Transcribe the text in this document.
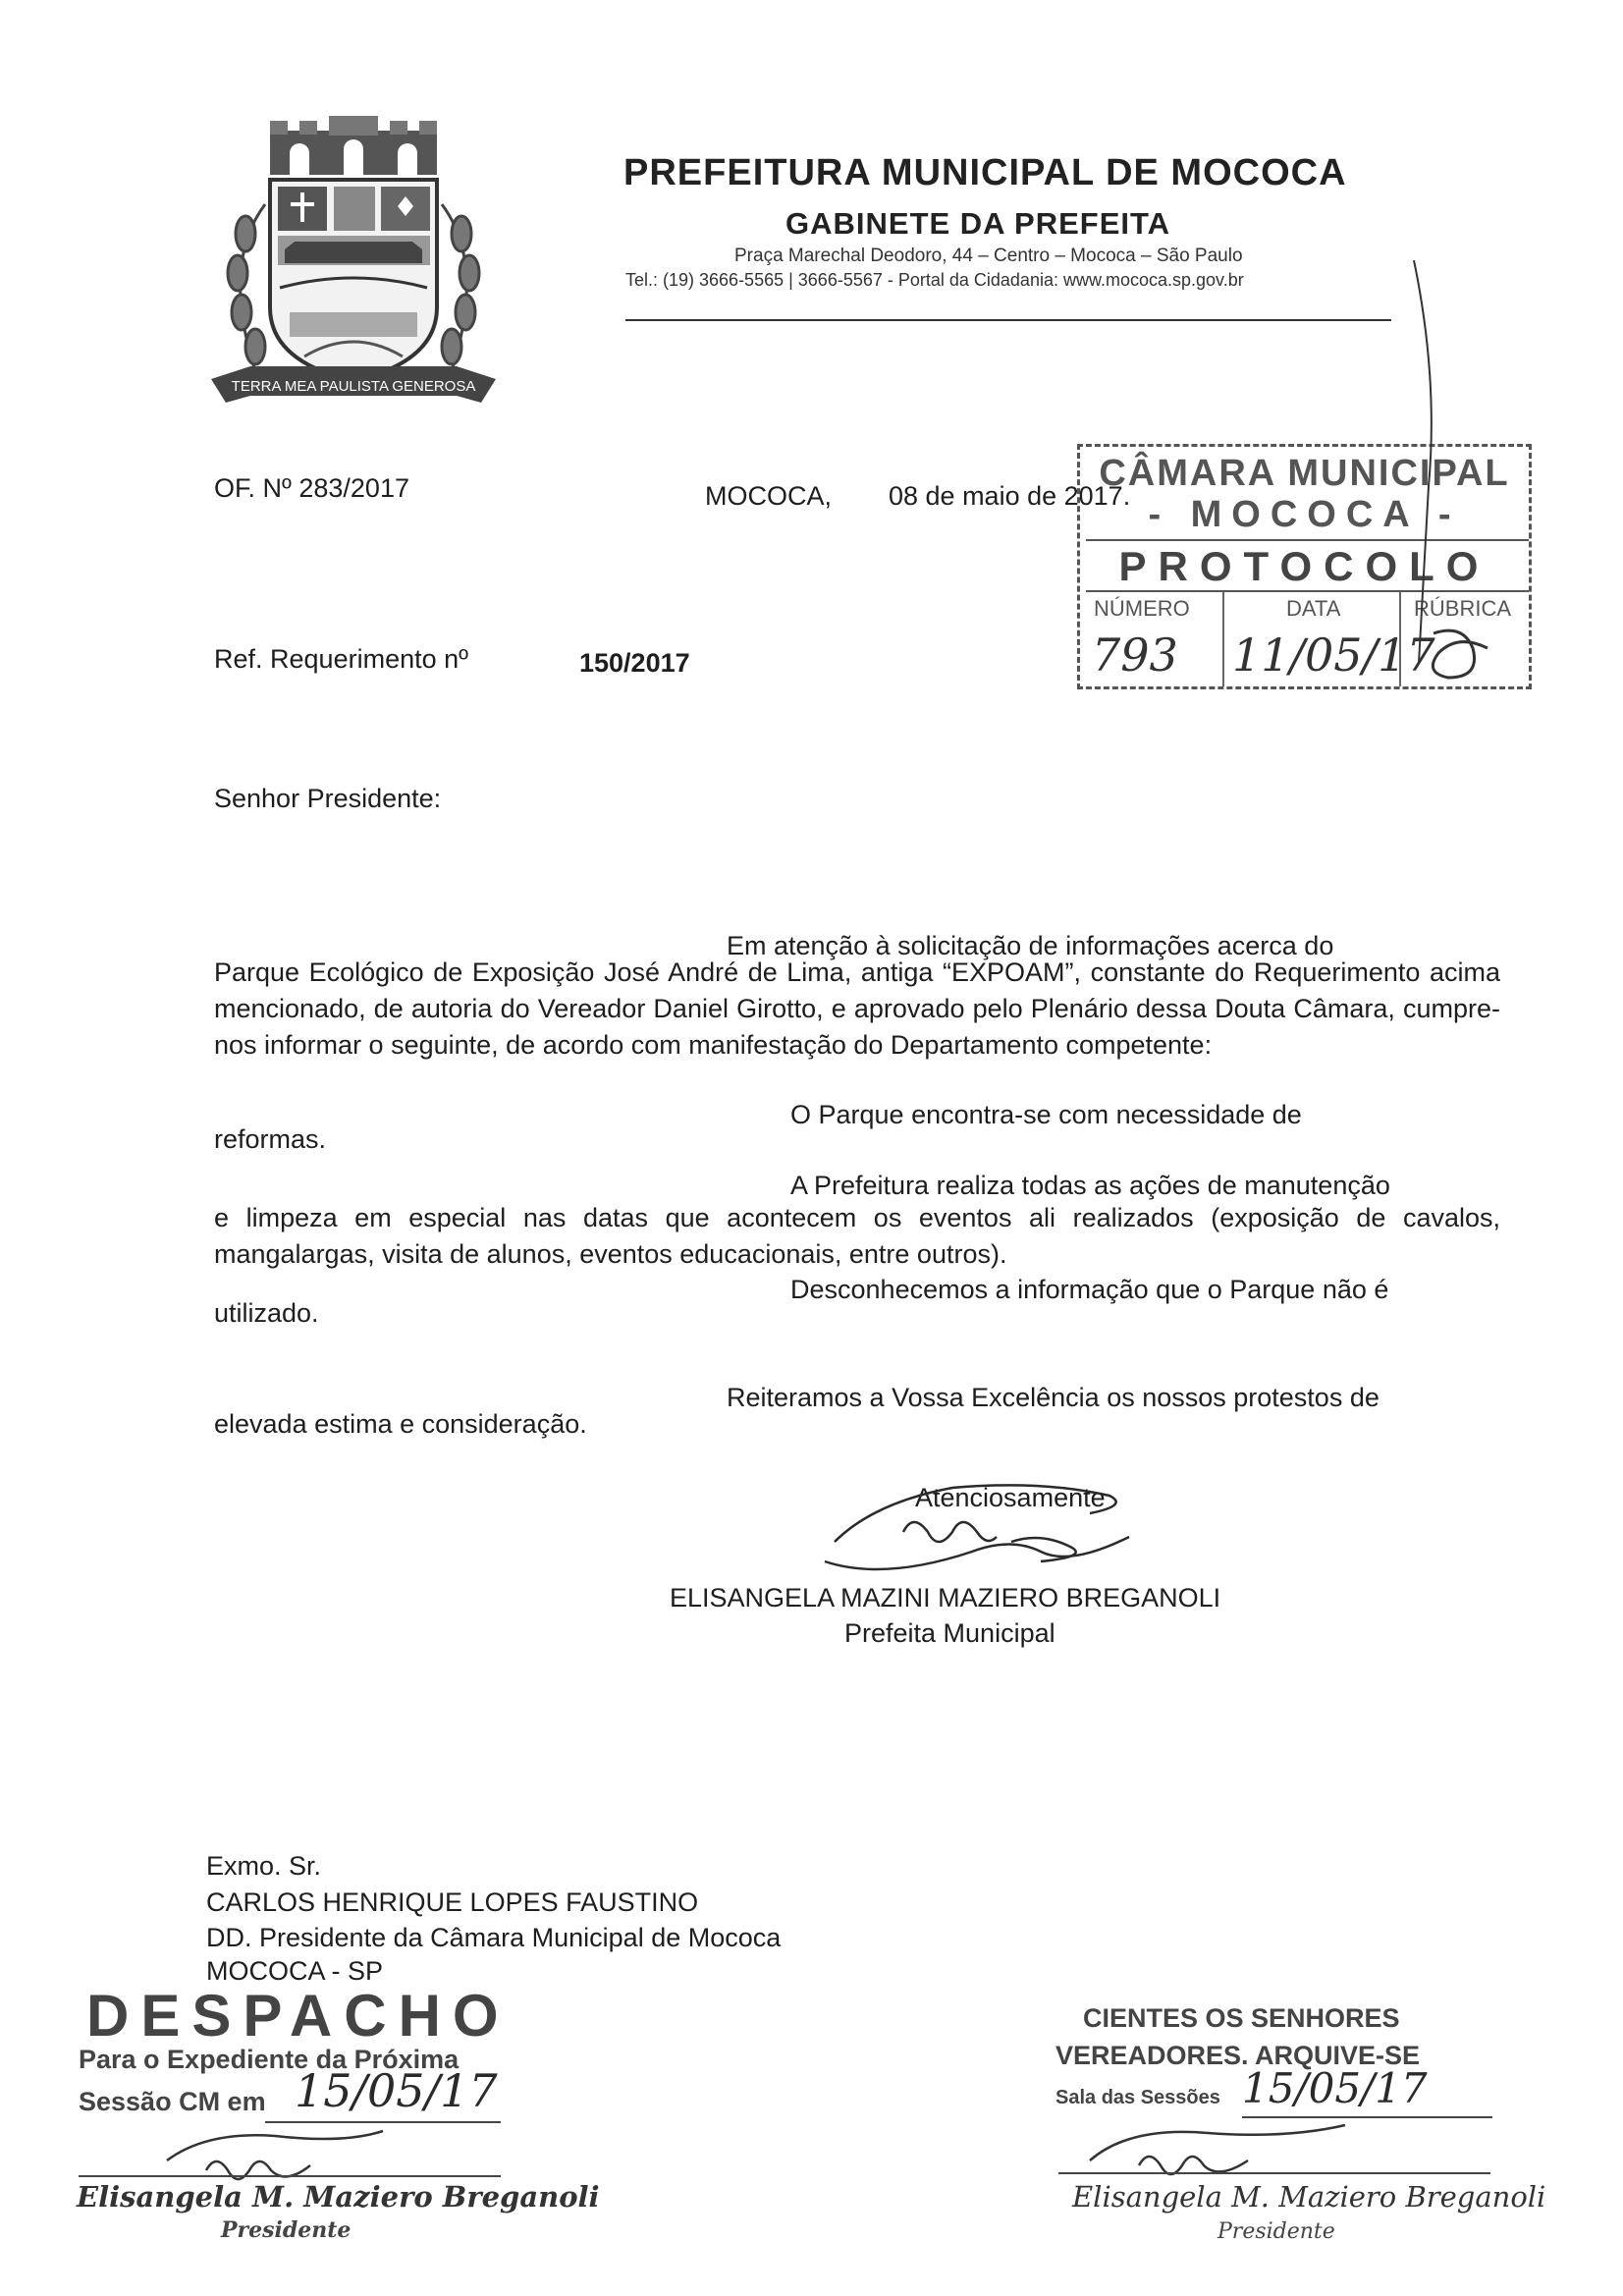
TERRA MEA PAULISTA GENEROSA
PREFEITURA MUNICIPAL DE MOCOCA
GABINETE DA PREFEITA
Praça Marechal Deodoro, 44 – Centro – Mococa – São Paulo
Tel.: (19) 3666-5565 | 3666-5567 - Portal da Cidadania: www.mococa.sp.gov.br
OF. Nº 283/2017	MOCOCA, 08 de maio de 2017.
CÂMARA MUNICIPAL
- MOCOCA -
PROTOCOLO
NÚMERO	DATA	RÚBRICA
793 11/05/17
Ref. Requerimento nº	150/2017
Senhor Presidente:
Em atenção à solicitação de informações acerca do
Parque Ecológico de Exposição José André de Lima, antiga “EXPOAM”, constante do Requerimento acima mencionado, de autoria do Vereador Daniel Girotto, e aprovado pelo Plenário dessa Douta Câmara, cumpre-nos informar o seguinte, de acordo com manifestação do Departamento competente:
O Parque encontra-se com necessidade de
reformas.
A Prefeitura realiza todas as ações de manutenção
e limpeza em especial nas datas que acontecem os eventos ali realizados (exposição de cavalos, mangalargas, visita de alunos, eventos educacionais, entre outros).
Desconhecemos a informação que o Parque não é
utilizado.
Reiteramos a Vossa Excelência os nossos protestos de
elevada estima e consideração.
Atenciosamente
ELISANGELA MAZINI MAZIERO BREGANOLI
Prefeita Municipal
Exmo. Sr.
CARLOS HENRIQUE LOPES FAUSTINO
DD. Presidente da Câmara Municipal de Mococa
MOCOCA - SP
DESPACHO
Para o Expediente da Próxima
Sessão CM em 15/05/17
Elisangela M. Maziero Breganoli
Presidente
CIENTES OS SENHORES
VEREADORES. ARQUIVE-SE
Sala das Sessões 15/05/17
Elisangela M. Maziero Breganoli
Presidente
